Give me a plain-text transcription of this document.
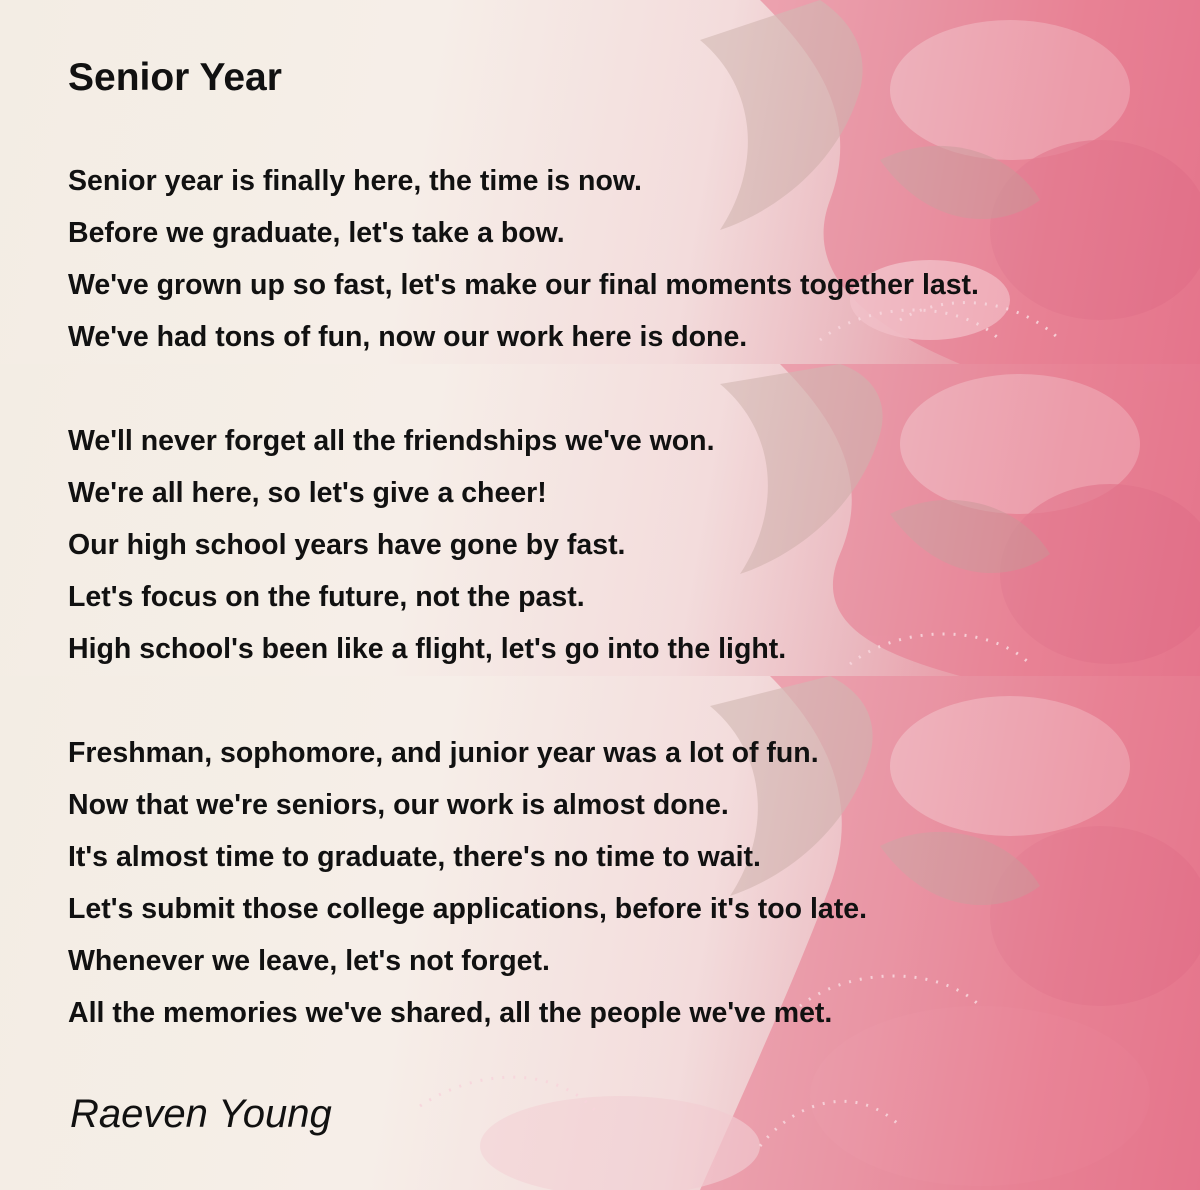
Senior Year
Senior year is finally here, the time is now.
Before we graduate, let's take a bow.
We've grown up so fast, let's make our final moments together last.
We've had tons of fun, now our work here is done.
We'll never forget all the friendships we've won.
We're all here, so let's give a cheer!
Our high school years have gone by fast.
Let's focus on the future, not the past.
High school's been like a flight, let's go into the light.
Freshman, sophomore, and junior year was a lot of fun.
Now that we're seniors, our work is almost done.
It's almost time to graduate, there's no time to wait.
Let's submit those college applications, before it's too late.
Whenever we leave, let's not forget.
All the memories we've shared, all the people we've met.

Raeven Young
